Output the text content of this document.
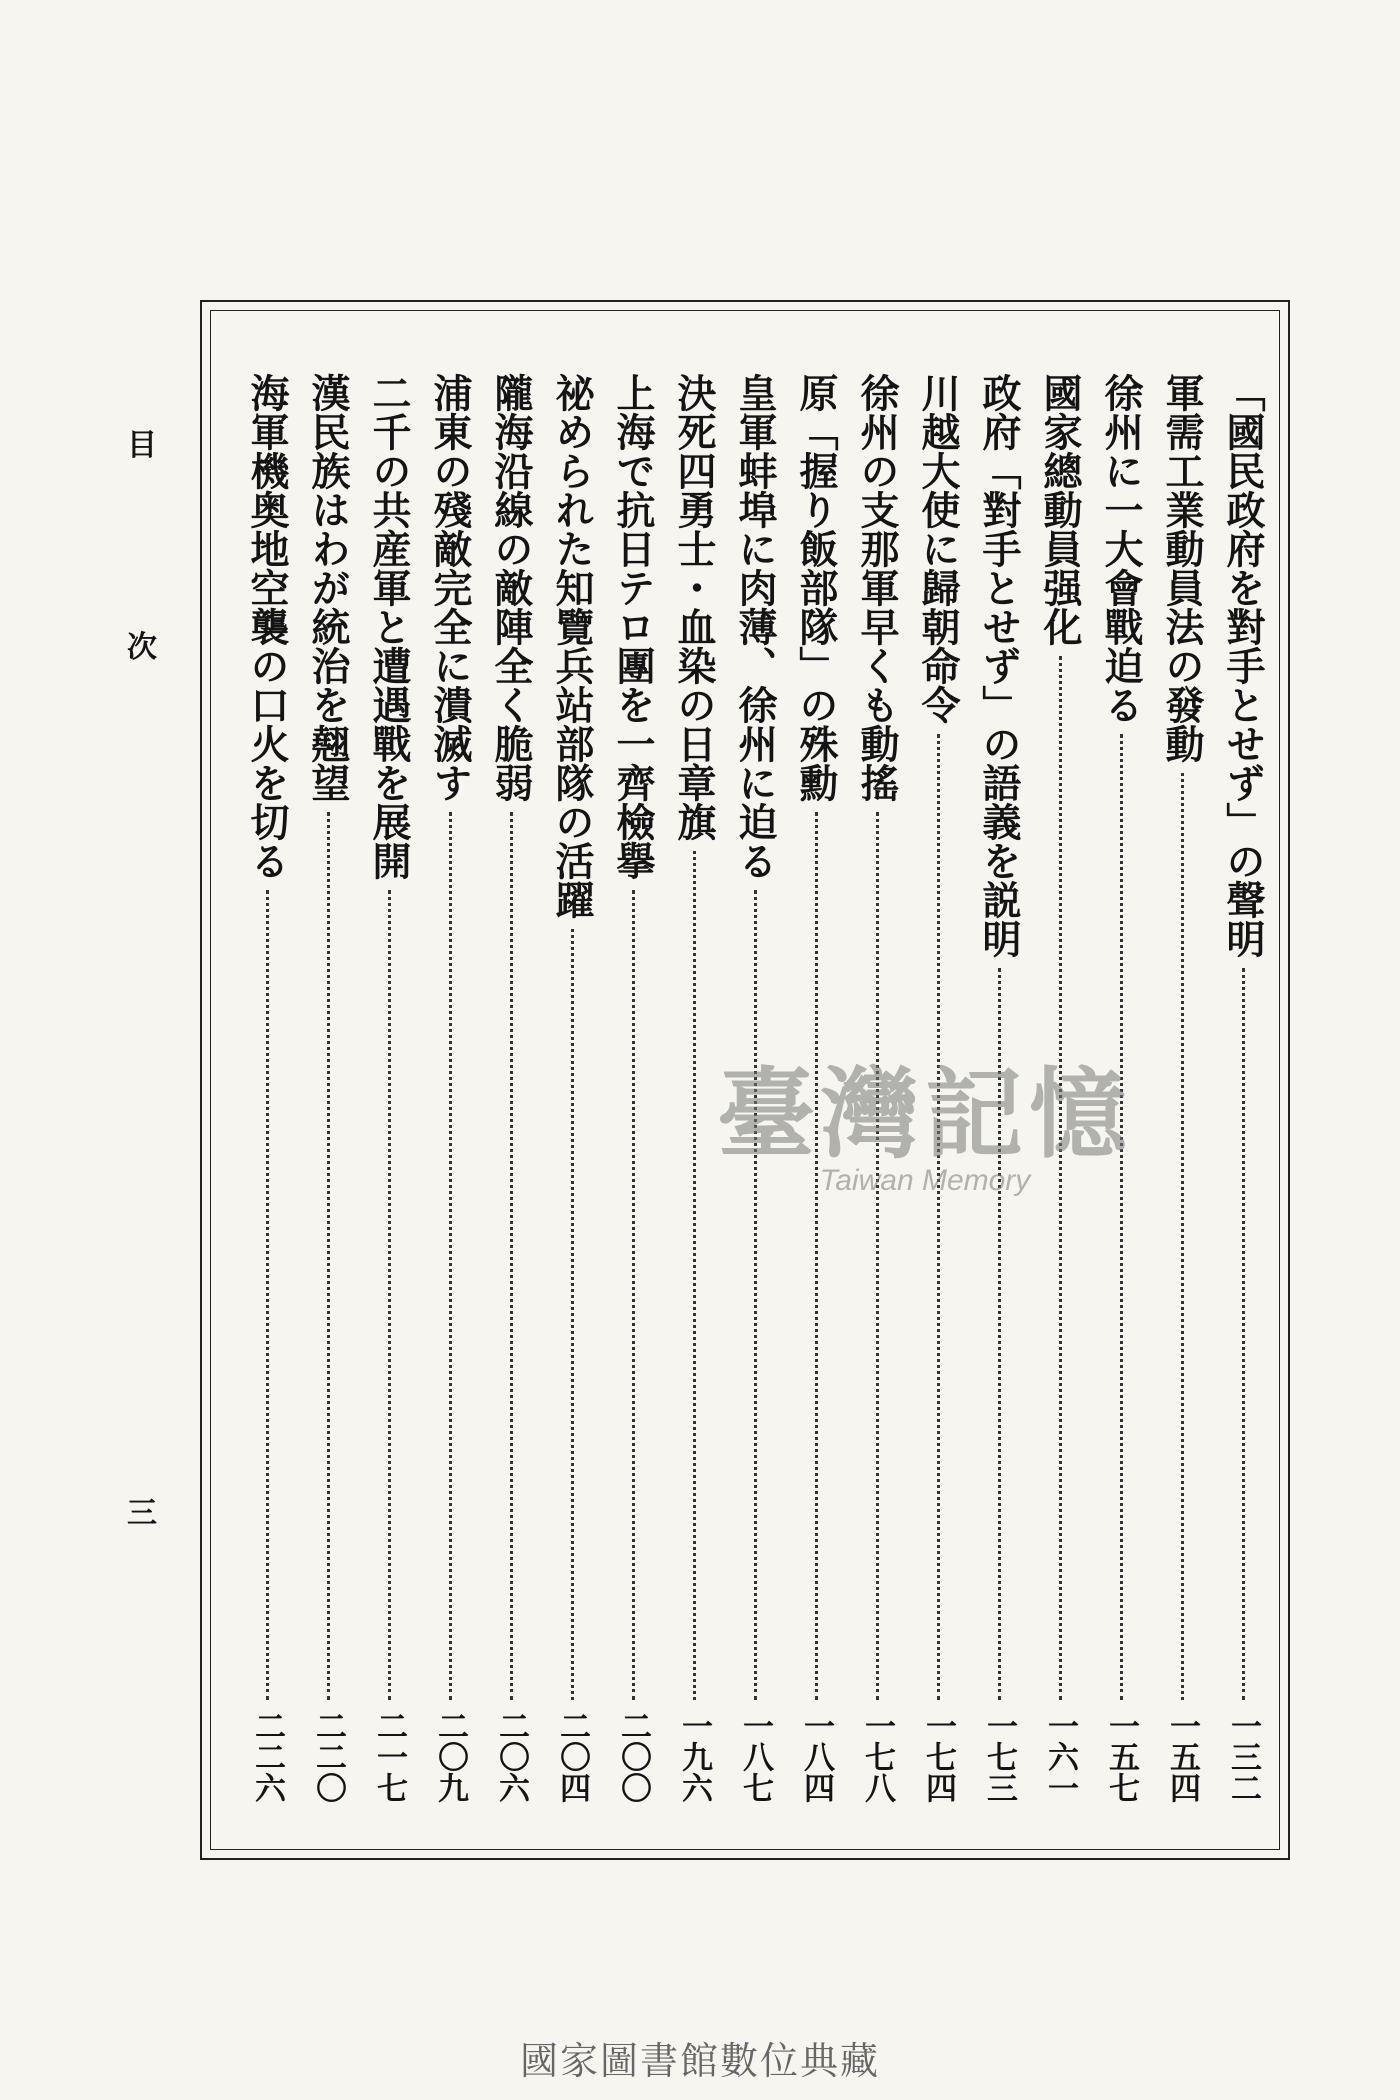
目
次
三
「國民政府を對手とせず」の聲明
一三二
軍需工業動員法の發動
一五四
徐州に一大會戰迫る
一五七
國家總動員强化
一六一
政府「對手とせず」の語義を説明
一七三
川越大使に歸朝命令
一七四
徐州の支那軍早くも動搖
一七八
原「握り飯部隊」の殊勳
一八四
皇軍蚌埠に肉薄、徐州に迫る
一八七
決死四勇士・血染の日章旗
一九六
上海で抗日テロ團を一齊檢擧
二〇〇
祕められた知覽兵站部隊の活躍
二〇四
隴海沿線の敵陣全く脆弱
二〇六
浦東の殘敵完全に潰滅す
二〇九
二千の共産軍と遭遇戰を展開
二一七
漢民族はわが統治を翹望
二二〇
海軍機奥地空襲の口火を切る
二二六
臺灣記憶
Taiwan Memory
國家圖書館數位典藏
